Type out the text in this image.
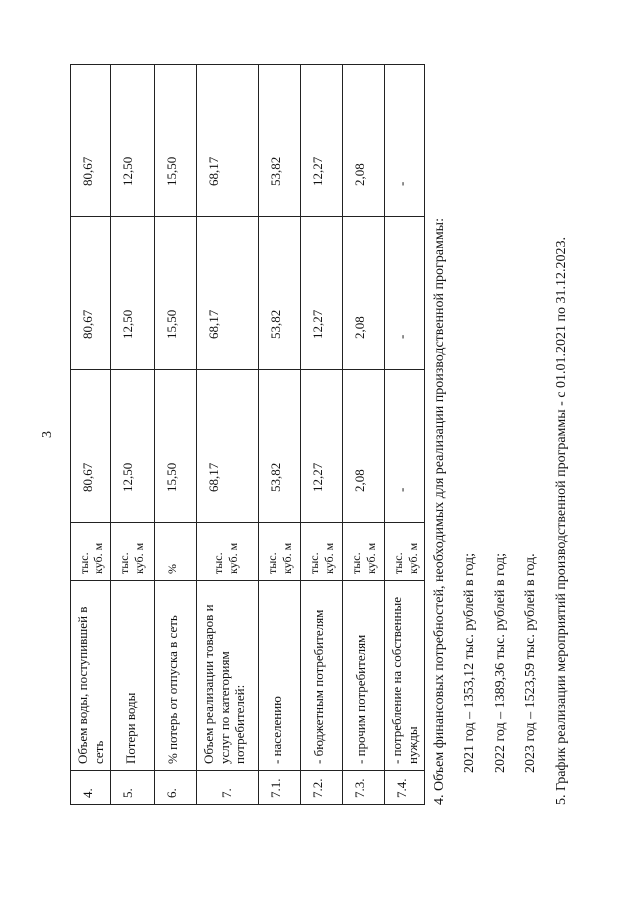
3
4.	Объем воды, поступившей в сеть	тыс. куб. м	80,67	80,67	80,67
5.	Потери воды	тыс. куб. м	12,50	12,50	12,50
6.	% потерь от отпуска в сеть	%	15,50	15,50	15,50
7.	Объем реализации товаров и услуг по категориям потребителей:	тыс. куб. м	68,17	68,17	68,17
7.1.	- населению	тыс. куб. м	53,82	53,82	53,82
7.2.	- бюджетным потребителям	тыс. куб. м	12,27	12,27	12,27
7.3.	- прочим потребителям	тыс. куб. м	2,08	2,08	2,08
7.4.	- потребление на собственные нужды	тыс. куб. м	-	-	-

4. Объем финансовых потребностей, необходимых для реализации производственной программы: 2021 год – 1353,12 тыс. рублей в год; 2022 год – 1389,36 тыс. рублей в год; 2023 год – 1523,59 тыс. рублей в год. 5. График реализации мероприятий производственной программы - с 01.01.2021 по 31.12.2023.
